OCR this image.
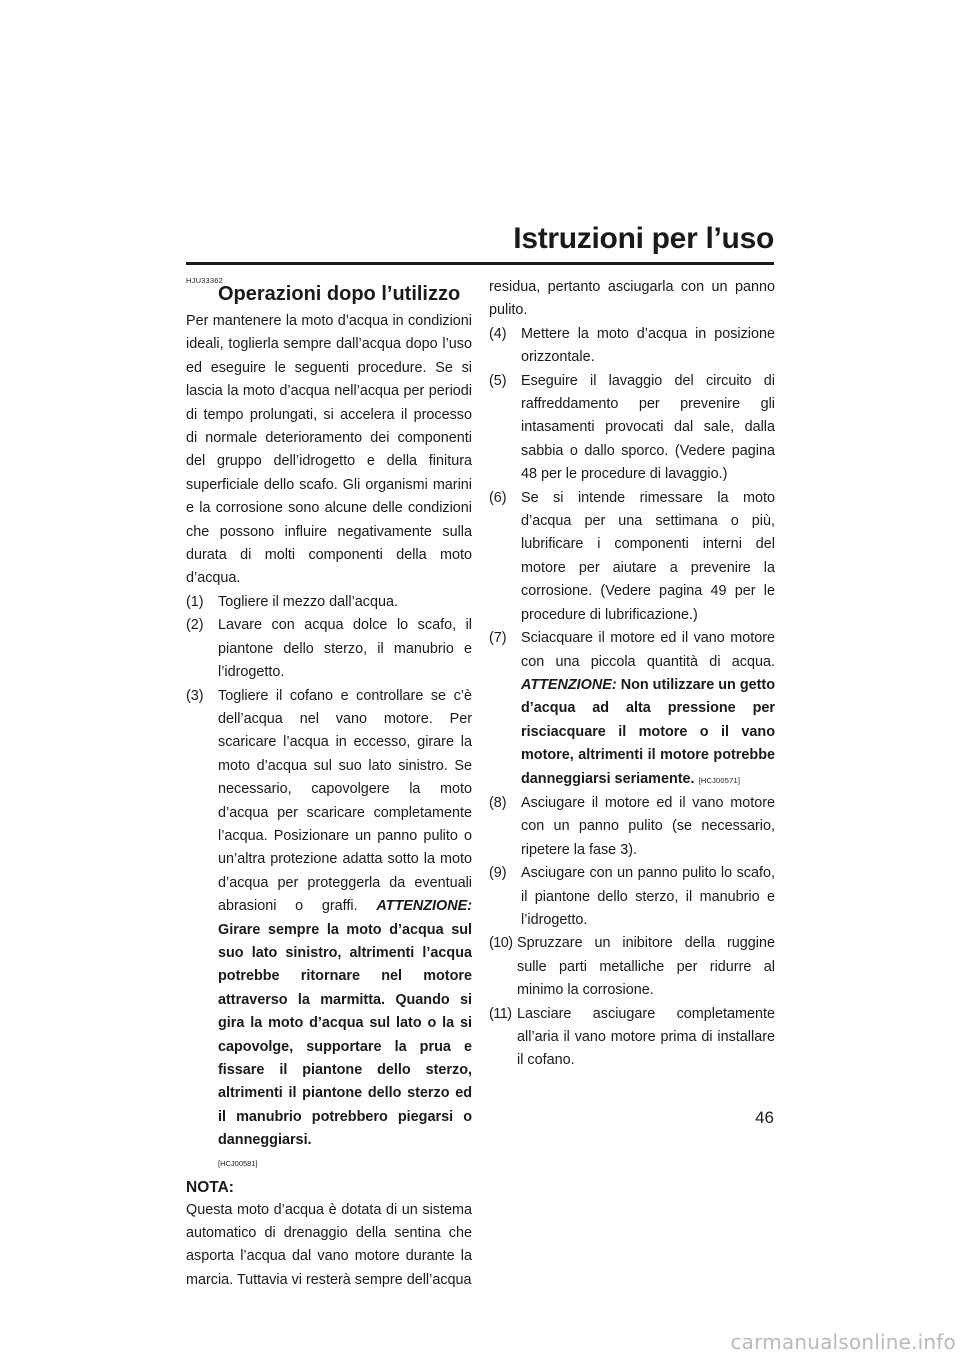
Istruzioni per l’uso
HJU33362
Operazioni dopo l’utilizzo

Per mantenere la moto d’acqua in condizioni ideali, toglierla sempre dall’acqua dopo l’uso ed eseguire le seguenti procedure. Se si lascia la moto d’acqua nell’acqua per periodi di tempo prolungati, si accelera il processo di normale deterioramento dei componenti del gruppo dell’idrogetto e della finitura superficiale dello scafo. Gli organismi marini e la corrosione sono alcune delle condizioni che possono influire negativamente sulla durata di molti componenti della moto d’acqua.

(1)	Togliere il mezzo dall’acqua.
(2)	Lavare con acqua dolce lo scafo, il piantone dello sterzo, il manubrio e l’idrogetto.
(3)	Togliere il cofano e controllare se c’è dell’acqua nel vano motore. Per scaricare l’acqua in eccesso, girare la moto d’acqua sul suo lato sinistro. Se necessario, capovolgere la moto d’acqua per scaricare completamente l’acqua. Posizionare un panno pulito o un’altra protezione adatta sotto la moto d’acqua per proteggerla da eventuali abrasioni o graffi. ATTENZIONE: Girare sempre la moto d’acqua sul suo lato sinistro, altrimenti l’acqua potrebbe ritornare nel motore attraverso la marmitta. Quando si gira la moto d’acqua sul lato o la si capovolge, supportare la prua e fissare il piantone dello sterzo, altrimenti il piantone dello sterzo ed il manubrio potrebbero piegarsi o danneggiarsi.
[HCJ00581]
NOTA:

Questa moto d’acqua è dotata di un sistema automatico di drenaggio della sentina che asporta l’acqua dal vano motore durante la marcia. Tuttavia vi resterà sempre dell’acqua

residua, pertanto asciugarla con un panno pulito.

(4)	Mettere la moto d’acqua in posizione orizzontale.
(5)	Eseguire il lavaggio del circuito di raffreddamento per prevenire gli intasamenti provocati dal sale, dalla sabbia o dallo sporco. (Vedere pagina 48 per le procedure di lavaggio.)
(6)	Se si intende rimessare la moto d’acqua per una settimana o più, lubrificare i componenti interni del motore per aiutare a prevenire la corrosione. (Vedere pagina 49 per le procedure di lubrificazione.)
(7)	Sciacquare il motore ed il vano motore con una piccola quantità di acqua. ATTENZIONE: Non utilizzare un getto d’acqua ad alta pressione per risciacquare il motore o il vano motore, altrimenti il motore potrebbe danneggiarsi seriamente. [HCJ00571]
(8)	Asciugare il motore ed il vano motore con un panno pulito (se necessario, ripetere la fase 3).
(9)	Asciugare con un panno pulito lo scafo, il piantone dello sterzo, il manubrio e l’idrogetto.
(10) Spruzzare un inibitore della ruggine sulle parti metalliche per ridurre al minimo la corrosione.
(11) Lasciare asciugare completamente all’aria il vano motore prima di installare il cofano.
46
carmanualsonline.info
